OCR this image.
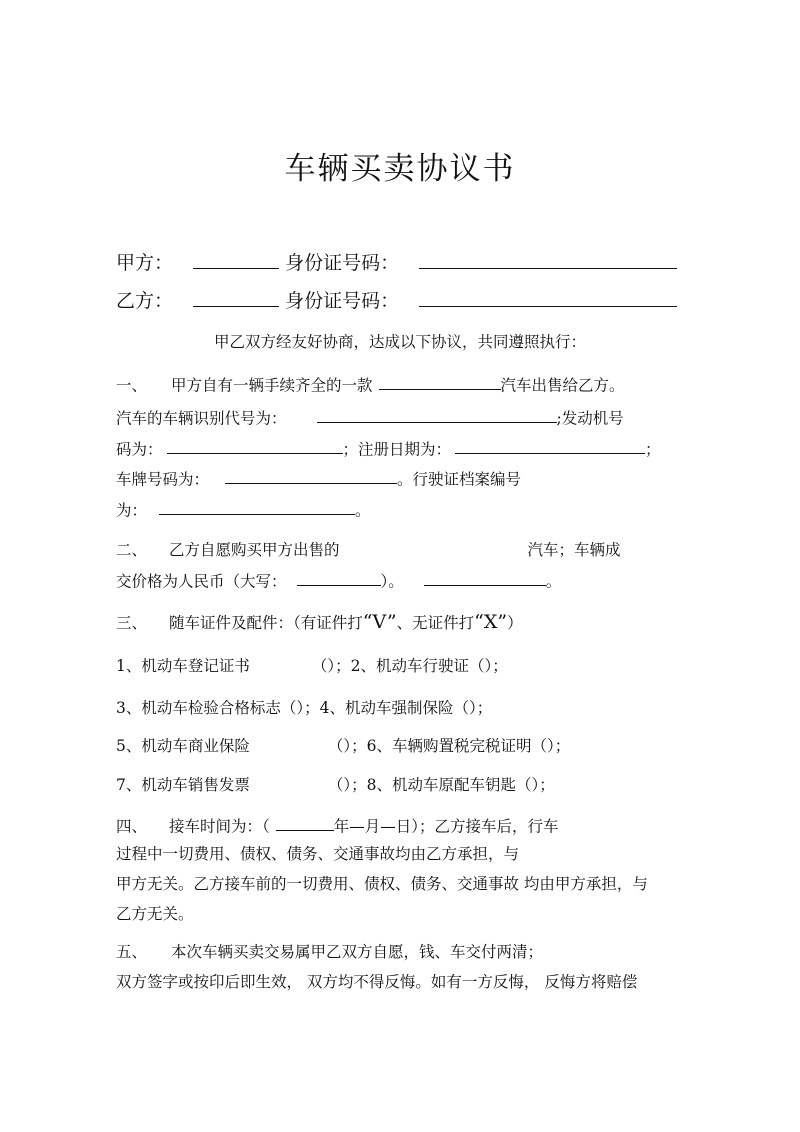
车辆买卖协议书
甲方：	身份证号码：
乙方：	身份证号码：
甲乙双方经友好协商，达成以下协议，共同遵照执行：
一、 甲方自有一辆手续齐全的一款	汽车出售给乙方。
汽车的车辆识别代号为：	;发动机号
码为：	；注册日期为：	；
车牌号码为：	。行驶证档案编号
为：	。
二、 乙方自愿购买甲方出售的	汽车；车辆成
交价格为人民币（大写：	）。	。
三、 随车证件及配件：（有证件打“V”、无证件打“X”）
1、机动车登记证书	（）；2、机动车行驶证（）；
3、机动车检验合格标志（）；4、机动车强制保险（）；
5、机动车商业保险	（）；6、车辆购置税完税证明（）；
7、机动车销售发票	（）；8、机动车原配车钥匙（）；
四、 接车时间为：（	年—月—日）；乙方接车后，行车
过程中一切费用、债权、债务、交通事故均由乙方承担，与
甲方无关。乙方接车前的一切费用、债权、债务、交通事故 均由甲方承担，与
乙方无关。
五、 本次车辆买卖交易属甲乙双方自愿，钱、车交付两清；
双方签字或按印后即生效， 双方均不得反悔。如有一方反悔， 反悔方将赔偿
